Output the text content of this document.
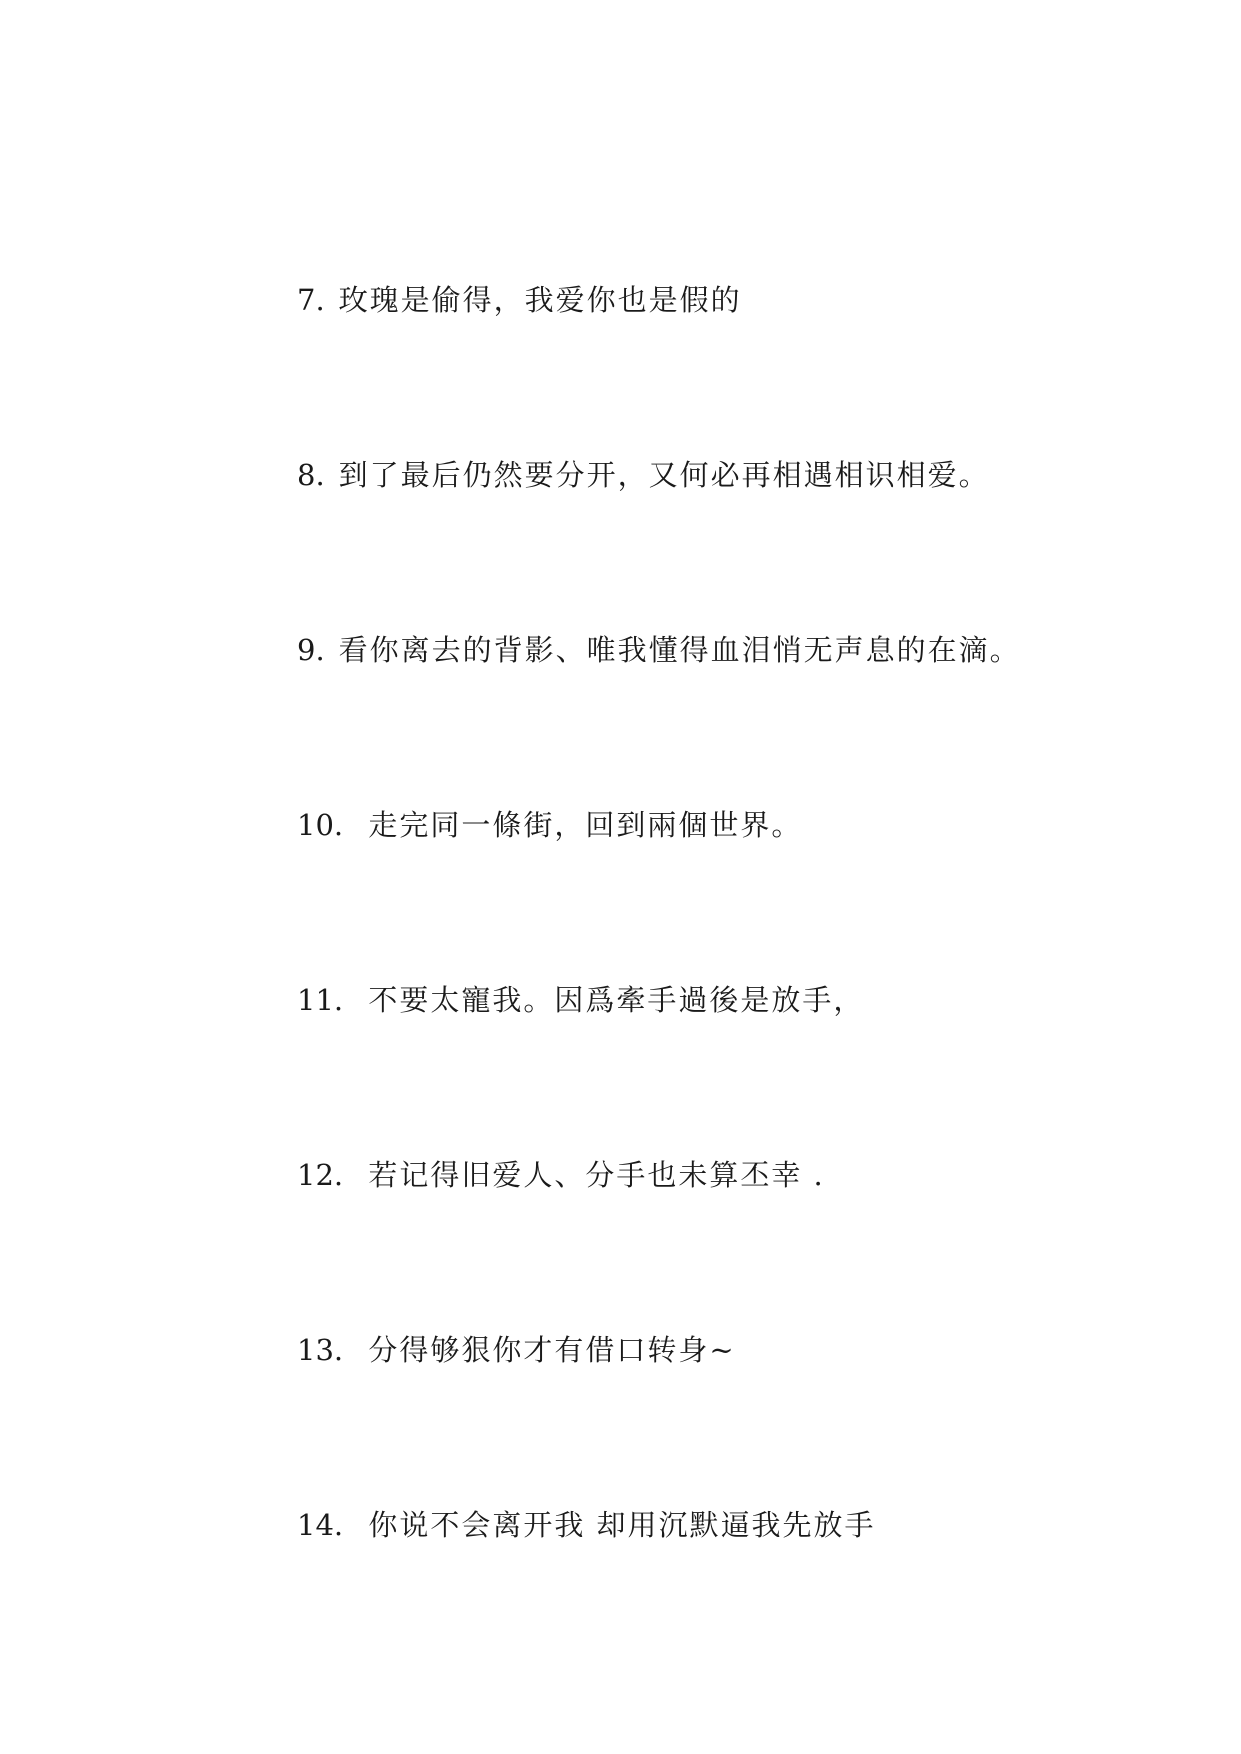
7. 玫瑰是偷得，我爱你也是假的
8. 到了最后仍然要分开，又何必再相遇相识相爱。
9. 看你离去的背影、唯我懂得血泪悄无声息的在滴。
10. 走完同一條街，回到兩個世界。
11. 不要太寵我。因爲牽手過後是放手，
12. 若记得旧爱人、分手也未算丕幸 .
13. 分得够狠你才有借口转身~
14. 你说不会离开我 却用沉默逼我先放手
